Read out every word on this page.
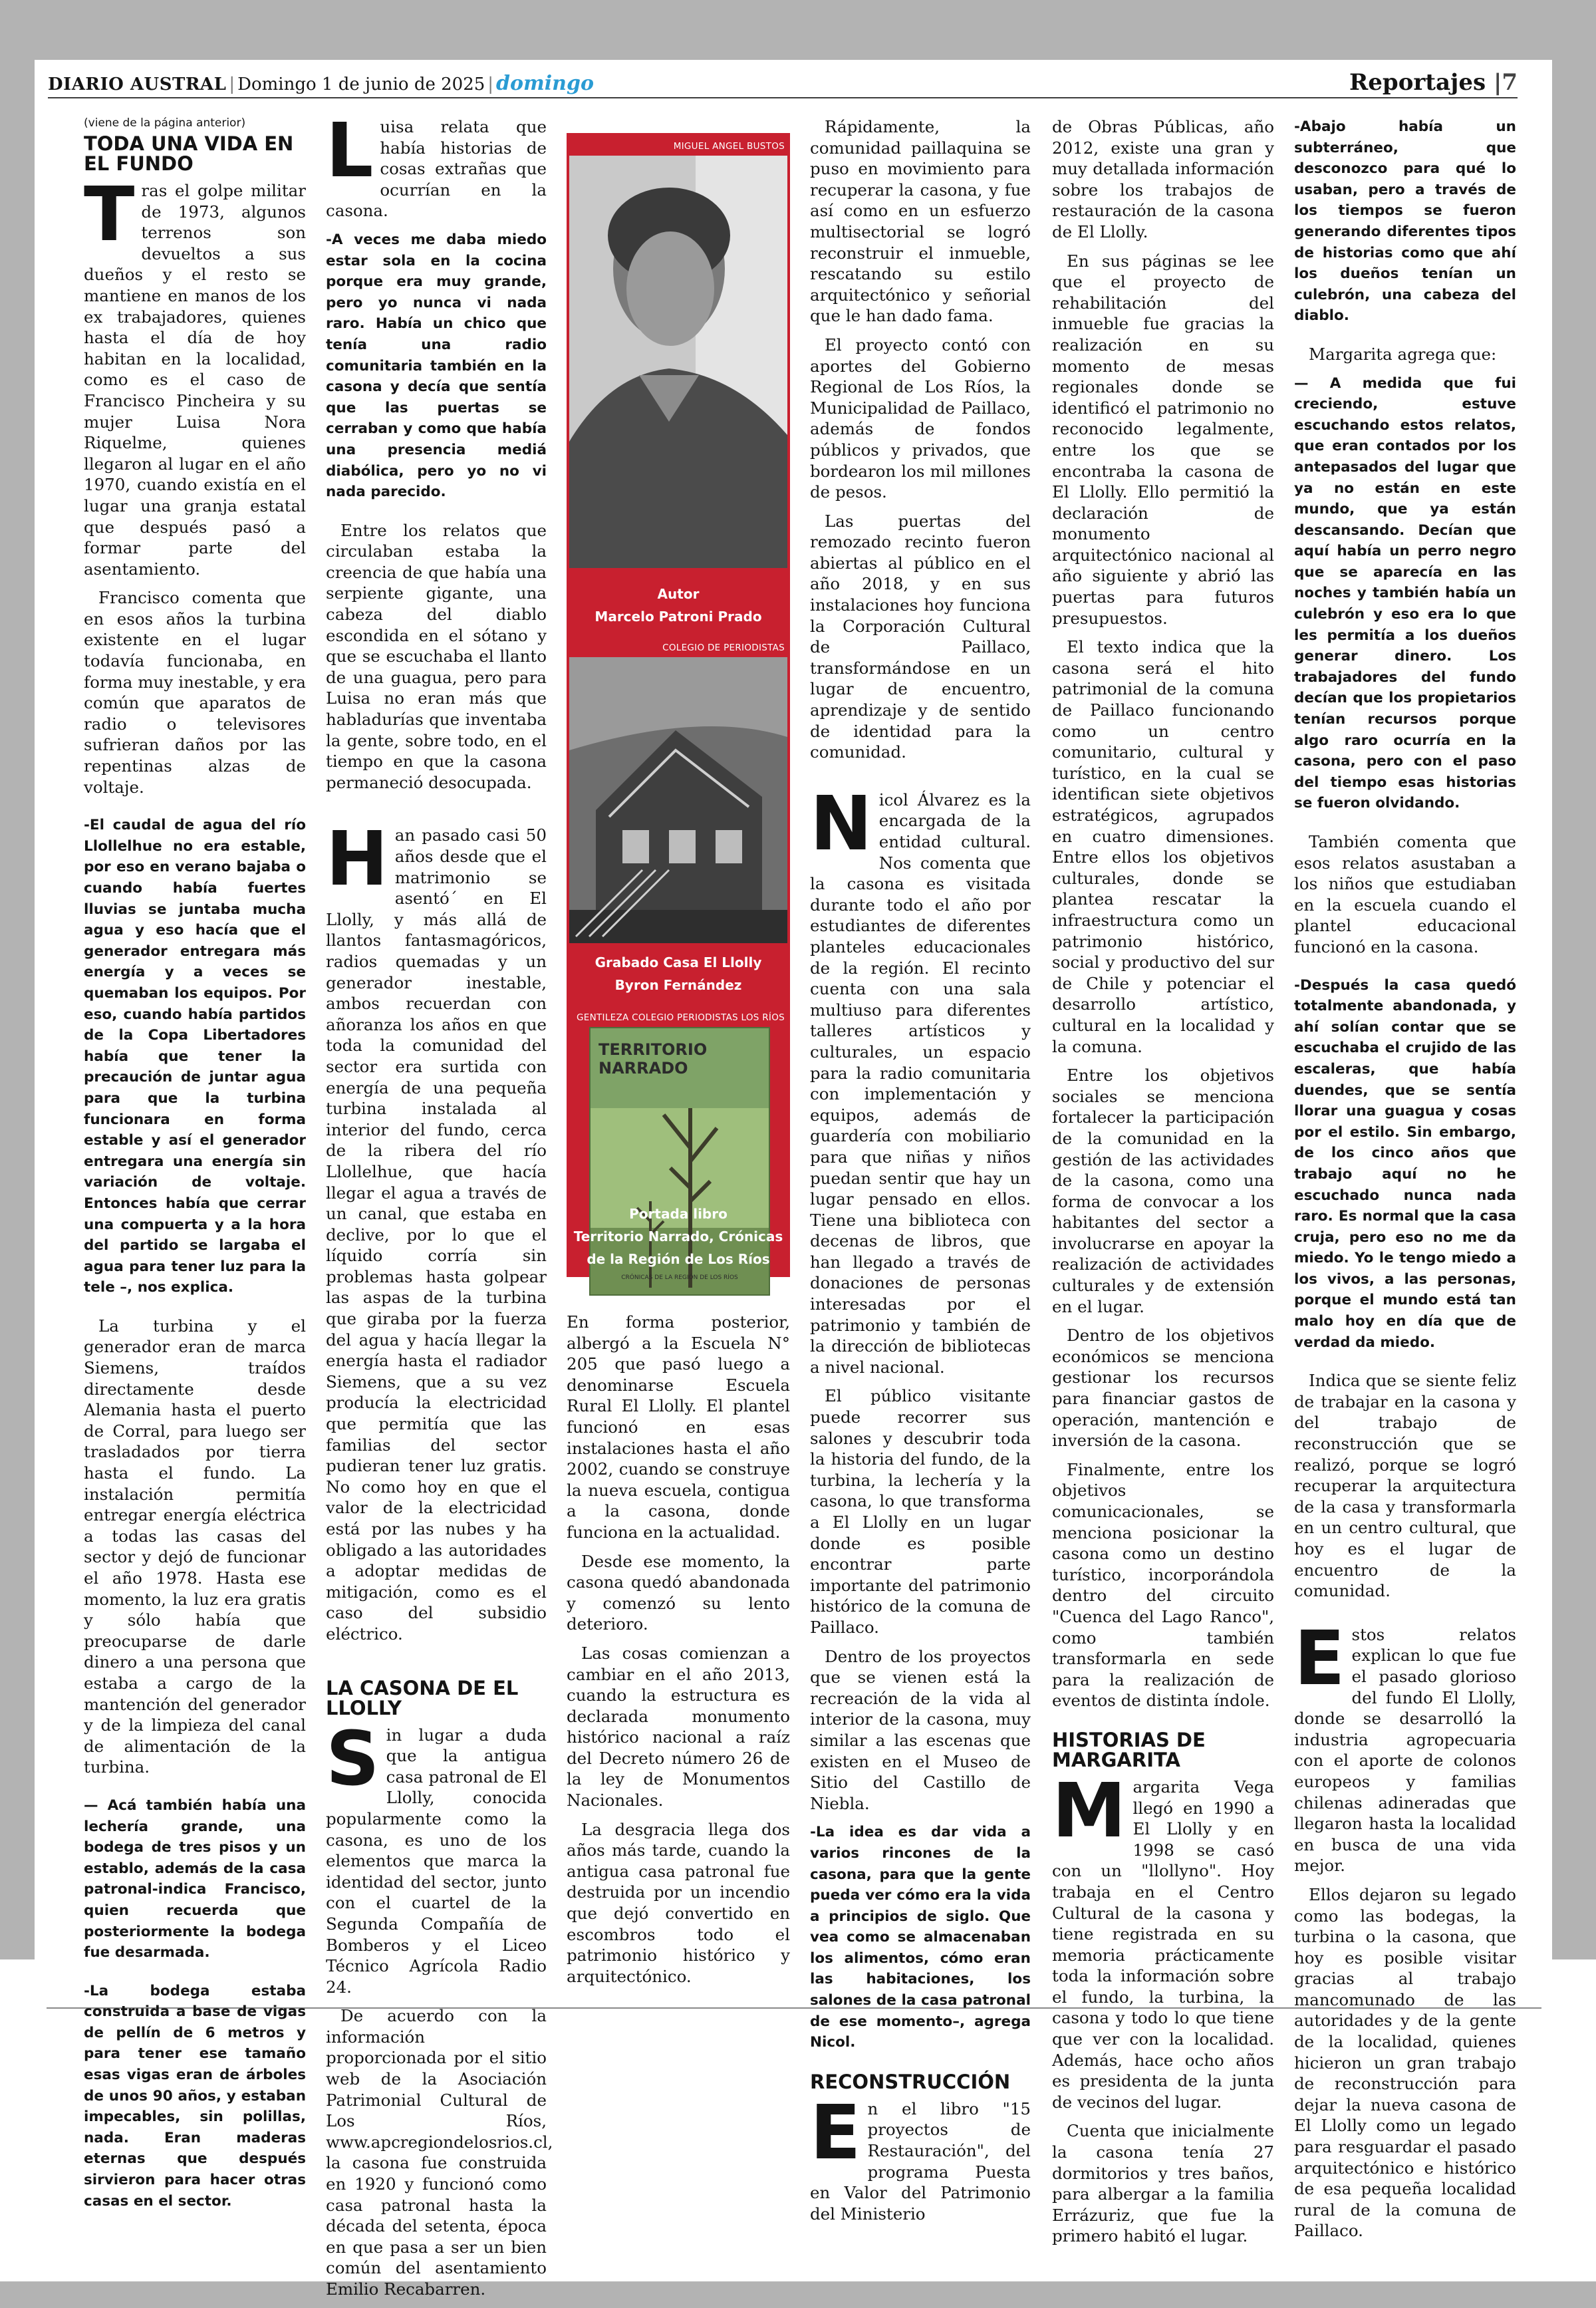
DIARIO AUSTRAL | Domingo 1 de junio de 2025 | domingo	Reportajes |7
(viene de la página anterior)
TODA UNA VIDA EN EL FUNDO

Tras el golpe militar de 1973, algunos terrenos son devueltos a sus dueños y el resto se mantiene en manos de los ex trabajadores, quienes hasta el día de hoy habitan en la localidad, como es el caso de Francisco Pincheira y su mujer Luisa Nora Riquelme, quienes llegaron al lugar en el año 1970, cuando existía en el lugar una granja estatal que después pasó a formar parte del asentamiento.

Francisco comenta que en esos años la turbina existente en el lugar todavía funcionaba, en forma muy inestable, y era común que aparatos de radio o televisores sufrieran daños por las repentinas alzas de voltaje.

-El caudal de agua del río Llollelhue no era estable, por eso en verano bajaba o cuando había fuertes lluvias se juntaba mucha agua y eso hacía que el generador entregara más energía y a veces se quemaban los equipos. Por eso, cuando había partidos de la Copa Libertadores había que tener la precaución de juntar agua para que la turbina funcionara en forma estable y así el generador entregara una energía sin variación de voltaje. Entonces había que cerrar una compuerta y a la hora del partido se largaba el agua para tener luz para la tele –, nos explica.

La turbina y el generador eran de marca Siemens, traídos directamente desde Alemania hasta el puerto de Corral, para luego ser trasladados por tierra hasta el fundo. La instalación permitía entregar energía eléctrica a todas las casas del sector y dejó de funcionar el año 1978. Hasta ese momento, la luz era gratis y sólo había que preocuparse de darle dinero a una persona que estaba a cargo de la mantención del generador y de la limpieza del canal de alimentación de la turbina.

— Acá también había una lechería grande, una bodega de tres pisos y un establo, además de la casa patronal-indica Francisco, quien recuerda que posteriormente la bodega fue desarmada.

-La bodega estaba construida a base de vigas de pellín de 6 metros y para tener ese tamaño esas vigas eran de árboles de unos 90 años, y estaban impecables, sin polillas, nada. Eran maderas eternas que después sirvieron para hacer otras casas en el sector.

Luisa relata que había historias de cosas extrañas que ocurrían en la casona.

-A veces me daba miedo estar sola en la cocina porque era muy grande, pero yo nunca vi nada raro. Había un chico que tenía una radio comunitaria también en la casona y decía que sentía que las puertas se cerraban y como que había una presencia mediá diabólica, pero yo no vi nada parecido.

Entre los relatos que circulaban estaba la creencia de que había una serpiente gigante, una cabeza del diablo escondida en el sótano y que se escuchaba el llanto de una guagua, pero para Luisa no eran más que habladurías que inventaba la gente, sobre todo, en el tiempo en que la casona permaneció desocupada.

Han pasado casi 50 años desde que el matrimonio se asentó´ en El Llolly, y más allá de llantos fantasmagóricos, radios quemadas y un generador inestable, ambos recuerdan con añoranza los años en que toda la comunidad del sector era surtida con energía de una pequeña turbina instalada al interior del fundo, cerca de la ribera del río Llollelhue, que hacía llegar el agua a través de un canal, que estaba en declive, por lo que el líquido corría sin problemas hasta golpear las aspas de la turbina que giraba por la fuerza del agua y hacía llegar la energía hasta el radiador Siemens, que a su vez producía la electricidad que permitía que las familias del sector pudieran tener luz gratis. No como hoy en que el valor de la electricidad está por las nubes y ha obligado a las autoridades a adoptar medidas de mitigación, como es el caso del subsidio eléctrico.

LA CASONA DE EL LLOLLY

Sin lugar a duda que la antigua casa patronal de El Llolly, conocida popularmente como la casona, es uno de los elementos que marca la identidad del sector, junto con el cuartel de la Segunda Compañía de Bomberos y el Liceo Técnico Agrícola Radio 24.

De acuerdo con la información proporcionada por el sitio web de la Asociación Patrimonial Cultural de Los Ríos, www.apcregiondelosrios.cl, la casona fue construida en 1920 y funcionó como casa patronal hasta la década del setenta, época en que pasa a ser un bien común del asentamiento Emilio Recabarren.

MIGUEL ANGEL BUSTOS
Autor
Marcelo Patroni Prado
COLEGIO DE PERIODISTAS
Grabado Casa El Llolly
Byron Fernández
GENTILEZA COLEGIO PERIODISTAS LOS RÍOS
TERRITORIO NARRADO
CRÓNICAS DE LA REGIÓN DE LOS RÍOS
Portada libro
Territorio Narrado, Crónicas
de la Región de Los Ríos

En forma posterior, albergó a la Escuela N° 205 que pasó luego a denominarse Escuela Rural El Llolly. El plantel funcionó en esas instalaciones hasta el año 2002, cuando se construye la nueva escuela, contigua a la casona, donde funciona en la actualidad.

Desde ese momento, la casona quedó abandonada y comenzó su lento deterioro.

Las cosas comienzan a cambiar en el año 2013, cuando la estructura es declarada monumento histórico nacional a raíz del Decreto número 26 de la ley de Monumentos Nacionales.

La desgracia llega dos años más tarde, cuando la antigua casa patronal fue destruida por un incendio que dejó convertido en escombros todo el patrimonio histórico y arquitectónico.

Rápidamente, la comunidad paillaquina se puso en movimiento para recuperar la casona, y fue así como en un esfuerzo multisectorial se logró reconstruir el inmueble, rescatando su estilo arquitectónico y señorial que le han dado fama.

El proyecto contó con aportes del Gobierno Regional de Los Ríos, la Municipalidad de Paillaco, además de fondos públicos y privados, que bordearon los mil millones de pesos.

Las puertas del remozado recinto fueron abiertas al público en el año 2018, y en sus instalaciones hoy funciona la Corporación Cultural de Paillaco, transformándose en un lugar de encuentro, aprendizaje y de sentido de identidad para la comunidad.

Nicol Álvarez es la encargada de la entidad cultural. Nos comenta que la casona es visitada durante todo el año por estudiantes de diferentes planteles educacionales de la región. El recinto cuenta con una sala multiuso para diferentes talleres artísticos y culturales, un espacio para la radio comunitaria con implementación y equipos, además de guardería con mobiliario para que niñas y niños puedan sentir que hay un lugar pensado en ellos. Tiene una biblioteca con decenas de libros, que han llegado a través de donaciones de personas interesadas por el patrimonio y también de la dirección de bibliotecas a nivel nacional.

El público visitante puede recorrer sus salones y descubrir toda la historia del fundo, de la turbina, la lechería y la casona, lo que transforma a El Llolly en un lugar donde es posible encontrar parte importante del patrimonio histórico de la comuna de Paillaco.

Dentro de los proyectos que se vienen está la recreación de la vida al interior de la casona, muy similar a las escenas que existen en el Museo de Sitio del Castillo de Niebla.

-La idea es dar vida a varios rincones de la casona, para que la gente pueda ver cómo era la vida a principios de siglo. Que vea como se almacenaban los alimentos, cómo eran las habitaciones, los salones de la casa patronal de ese momento–, agrega Nicol.

RECONSTRUCCIÓN

En el libro "15 proyectos de Restauración", del programa Puesta en Valor del Patrimonio del Ministerio

de Obras Públicas, año 2012, existe una gran y muy detallada información sobre los trabajos de restauración de la casona de El Llolly.

En sus páginas se lee que el proyecto de rehabilitación del inmueble fue gracias la realización en su momento de mesas regionales donde se identificó el patrimonio no reconocido legalmente, entre los que se encontraba la casona de El Llolly. Ello permitió la declaración de monumento arquitectónico nacional al año siguiente y abrió las puertas para futuros presupuestos.

El texto indica que la casona será el hito patrimonial de la comuna de Paillaco funcionando como un centro comunitario, cultural y turístico, en la cual se identifican siete objetivos estratégicos, agrupados en cuatro dimensiones. Entre ellos los objetivos culturales, donde se plantea rescatar la infraestructura como un patrimonio histórico, social y productivo del sur de Chile y potenciar el desarrollo artístico, cultural en la localidad y la comuna.

Entre los objetivos sociales se menciona fortalecer la participación de la comunidad en la gestión de las actividades de la casona, como una forma de convocar a los habitantes del sector a involucrarse en apoyar la realización de actividades culturales y de extensión en el lugar.

Dentro de los objetivos económicos se menciona gestionar los recursos para financiar gastos de operación, mantención e inversión de la casona.

Finalmente, entre los objetivos comunicacionales, se menciona posicionar la casona como un destino turístico, incorporándola dentro del circuito "Cuenca del Lago Ranco", como también transformarla en sede para la realización de eventos de distinta índole.

HISTORIAS DE MARGARITA

Margarita Vega llegó en 1990 a El Llolly y en 1998 se casó con un "llollyno". Hoy trabaja en el Centro Cultural de la casona y tiene registrada en su memoria prácticamente toda la información sobre el fundo, la turbina, la casona y todo lo que tiene que ver con la localidad. Además, hace ocho años es presidenta de la junta de vecinos del lugar.

Cuenta que inicialmente la casona tenía 27 dormitorios y tres baños, para albergar a la familia Errázuriz, que fue la primero habitó el lugar.

-Abajo había un subterráneo, que desconozco para qué lo usaban, pero a través de los tiempos se fueron generando diferentes tipos de historias como que ahí los dueños tenían un culebrón, una cabeza del diablo.

Margarita agrega que:

— A medida que fui creciendo, estuve escuchando estos relatos, que eran contados por los antepasados del lugar que ya no están en este mundo, que ya están descansando. Decían que aquí había un perro negro que se aparecía en las noches y también había un culebrón y eso era lo que les permitía a los dueños generar dinero. Los trabajadores del fundo decían que los propietarios tenían recursos porque algo raro ocurría en la casona, pero con el paso del tiempo esas historias se fueron olvidando.

También comenta que esos relatos asustaban a los niños que estudiaban en la escuela cuando el plantel educacional funcionó en la casona.

-Después la casa quedó totalmente abandonada, y ahí solían contar que se escuchaba el crujido de las escaleras, que había duendes, que se sentía llorar una guagua y cosas por el estilo. Sin embargo, de los cinco años que trabajo aquí no he escuchado nunca nada raro. Es normal que la casa cruja, pero eso no me da miedo. Yo le tengo miedo a los vivos, a las personas, porque el mundo está tan malo hoy en día que de verdad da miedo.

Indica que se siente feliz de trabajar en la casona y del trabajo de reconstrucción que se realizó, porque se logró recuperar la arquitectura de la casa y transformarla en un centro cultural, que hoy es el lugar de encuentro de la comunidad.

Estos relatos explican lo que fue el pasado glorioso del fundo El Llolly, donde se desarrolló la industria agropecuaria con el aporte de colonos europeos y familias chilenas adineradas que llegaron hasta la localidad en busca de una vida mejor.

Ellos dejaron su legado como las bodegas, la turbina o la casona, que hoy es posible visitar gracias al trabajo mancomunado de las autoridades y de la gente de la localidad, quienes hicieron un gran trabajo de reconstrucción para dejar la nueva casona de El Llolly como un legado para resguardar el pasado arquitectónico e histórico de esa pequeña localidad rural de la comuna de Paillaco.
